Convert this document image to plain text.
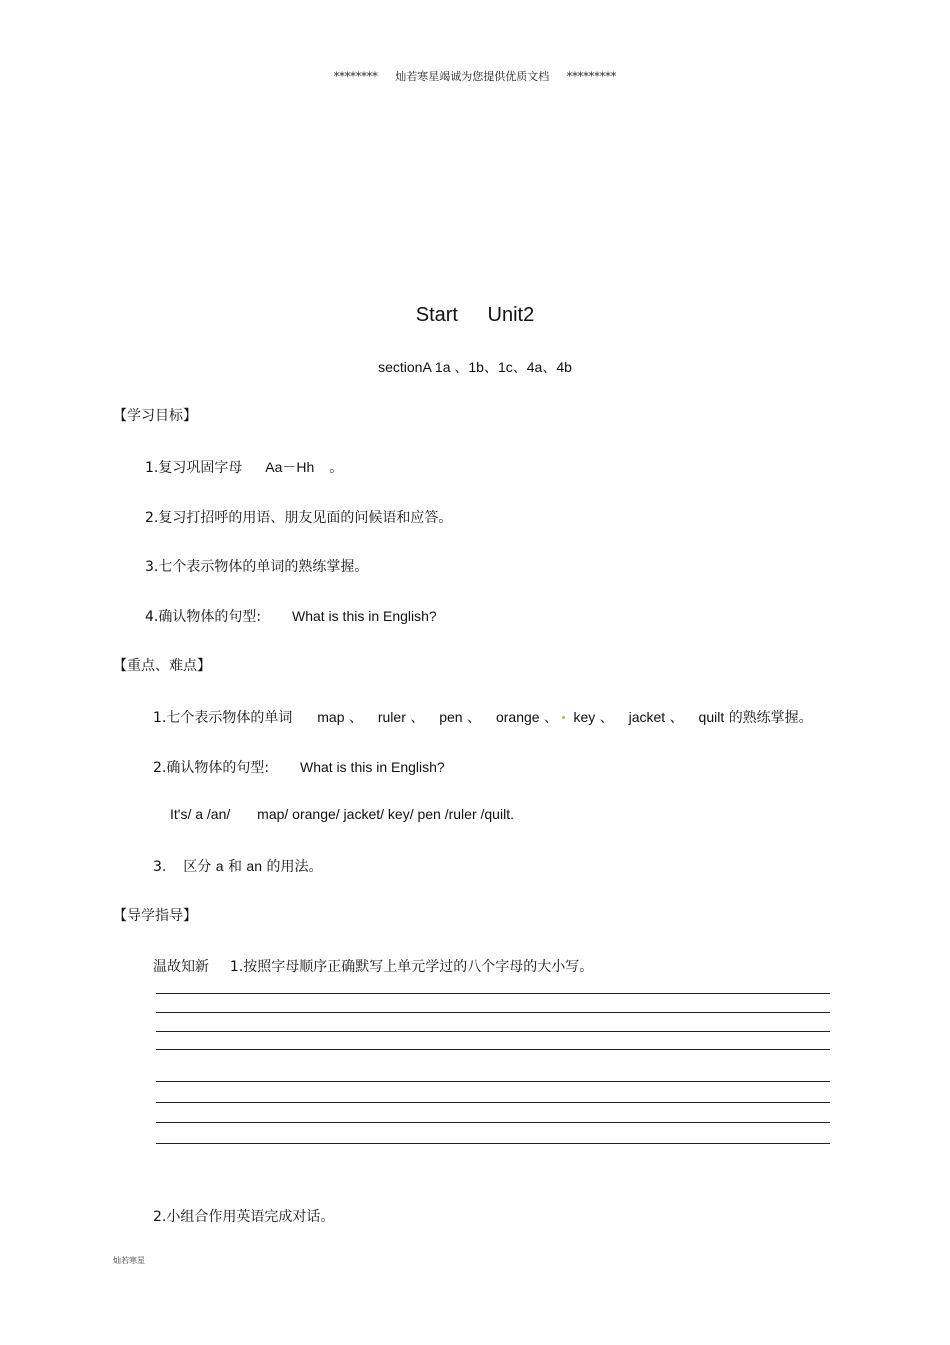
******** 灿若寒星竭诚为您提供优质文档 *********
Start Unit2
sectionA 1a 、1b、1c、4a、4b
【学习目标】
1.复习巩固字母 Aa－Hh 。
2.复习打招呼的用语、朋友见面的问候语和应答。
3.七个表示物体的单词的熟练掌握。
4.确认物体的句型: What is this in English?
【重点、难点】
1.七个表示物体的单词 map 、 ruler 、 pen 、 orange 、 key 、 jacket 、 quilt 的熟练掌握。
2.确认物体的句型: What is this in English?
It's/ a /an/ map/ orange/ jacket/ key/ pen /ruler /quilt.
3. 区分 a 和 an 的用法。
【导学指导】
温故知新 1.按照字母顺序正确默写上单元学过的八个字母的大小写。
2.小组合作用英语完成对话。
灿若寒星
